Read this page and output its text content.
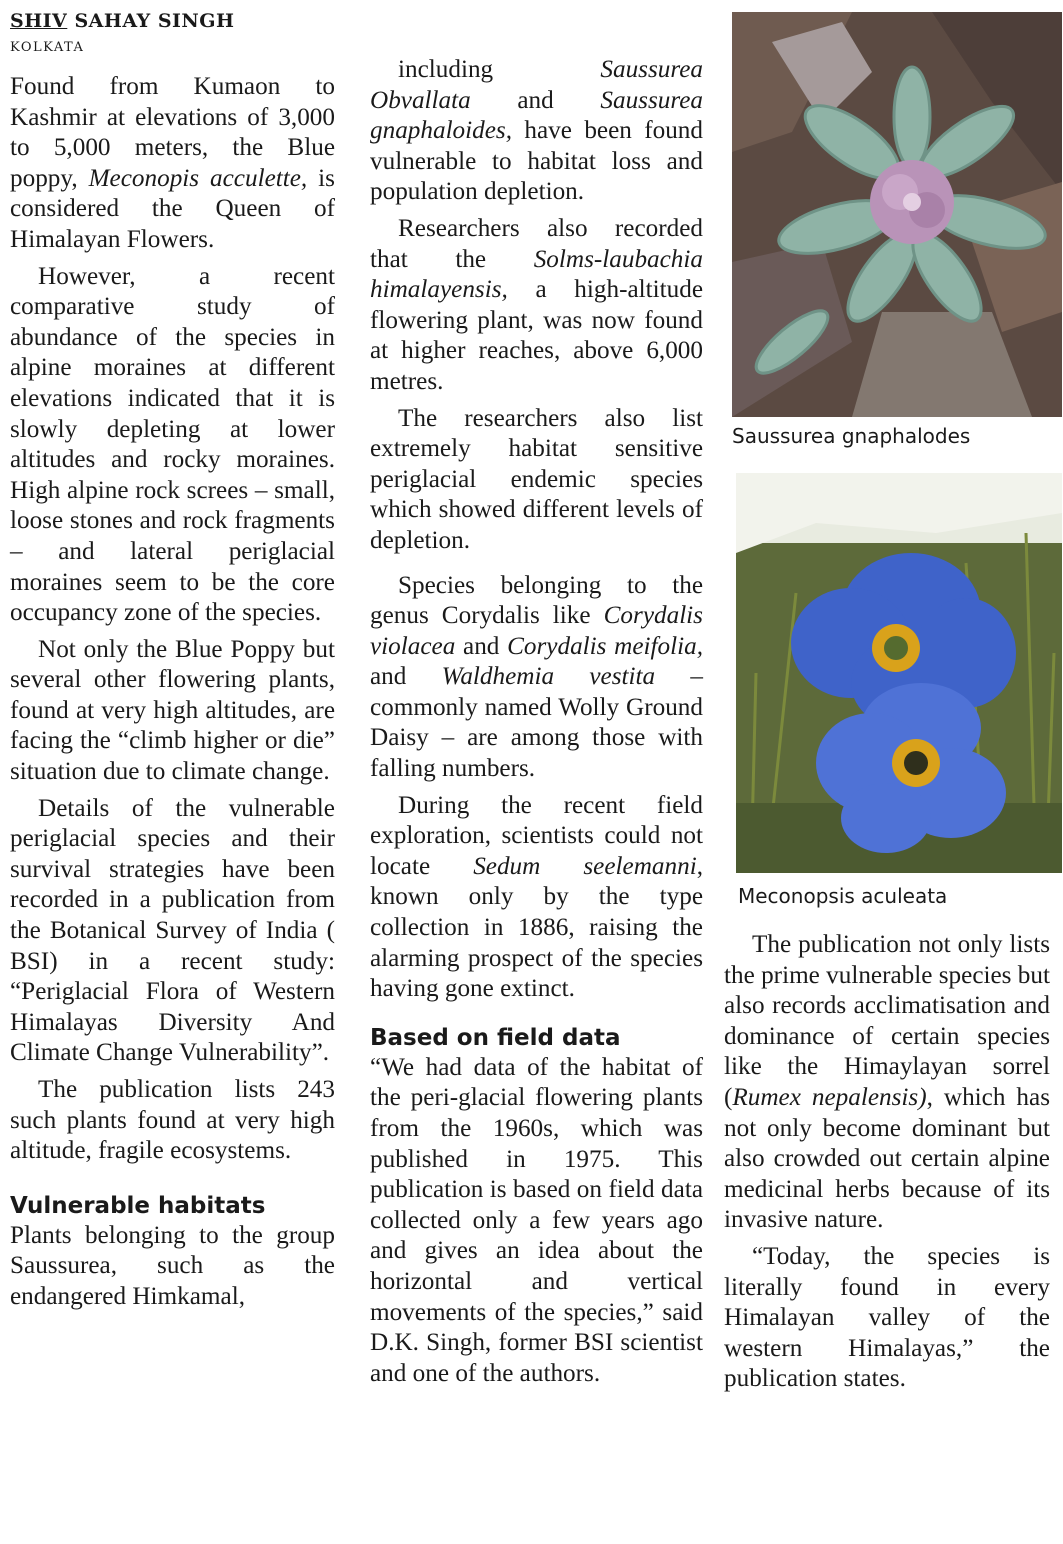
SHIV SAHAY SINGH
KOLKATA

Found from Kumaon to Kashmir at elevations of 3,000 to 5,000 meters, the Blue poppy, Meconopis acculette, is considered the Queen of Himalayan Flowers.

However, a recent comparative study of abundance of the species in alpine moraines at different elevations indicated that it is slowly depleting at lower altitudes and rocky moraines. High alpine rock screes – small, loose stones and rock fragments – and lateral periglacial moraines seem to be the core occupancy zone of the species.

Not only the Blue Poppy but several other flowering plants, found at very high altitudes, are facing the “climb higher or die” situation due to climate change.

Details of the vulnerable periglacial species and their survival strategies have been recorded in a publication from the Botanical Survey of India ( BSI) in a recent study: “Periglacial Flora of Western Himalayas Diversity And Climate Change Vulnerability”.

The publication lists 243 such plants found at very high altitude, fragile ecosystems.

Vulnerable habitats

Plants belonging to the group Saussurea, such as the endangered Himkamal,

including Saussurea Obvallata and Saussurea gnaphaloides, have been found vulnerable to habitat loss and population depletion.

Researchers also recorded that the Solms-laubachia himalayensis, a high-altitude flowering plant, was now found at higher reaches, above 6,000 metres.

The researchers also list extremely habitat sensitive periglacial endemic species which showed different levels of depletion.

Species belonging to the genus Corydalis like Corydalis violacea and Corydalis meifolia, and Waldhemia vestita – commonly named Wolly Ground Daisy – are among those with falling numbers.

During the recent field exploration, scientists could not locate Sedum seelemanni, known only by the type collection in 1886, raising the alarming prospect of the species having gone extinct.

Based on field data

“We had data of the habitat of the peri-glacial flowering plants from the 1960s, which was published in 1975. This publication is based on field data collected only a few years ago and gives an idea about the horizontal and vertical movements of the species,” said D.K. Singh, former BSI scientist and one of the authors.

Saussurea gnaphalodes
Meconopsis aculeata

The publication not only lists the prime vulnerable species but also records acclimatisation and dominance of certain species like the Himaylayan sorrel (Rumex nepalensis), which has not only become dominant but also crowded out certain alpine medicinal herbs because of its invasive nature.

“Today, the species is literally found in every Himalayan valley of the western Himalayas,” the publication states.
